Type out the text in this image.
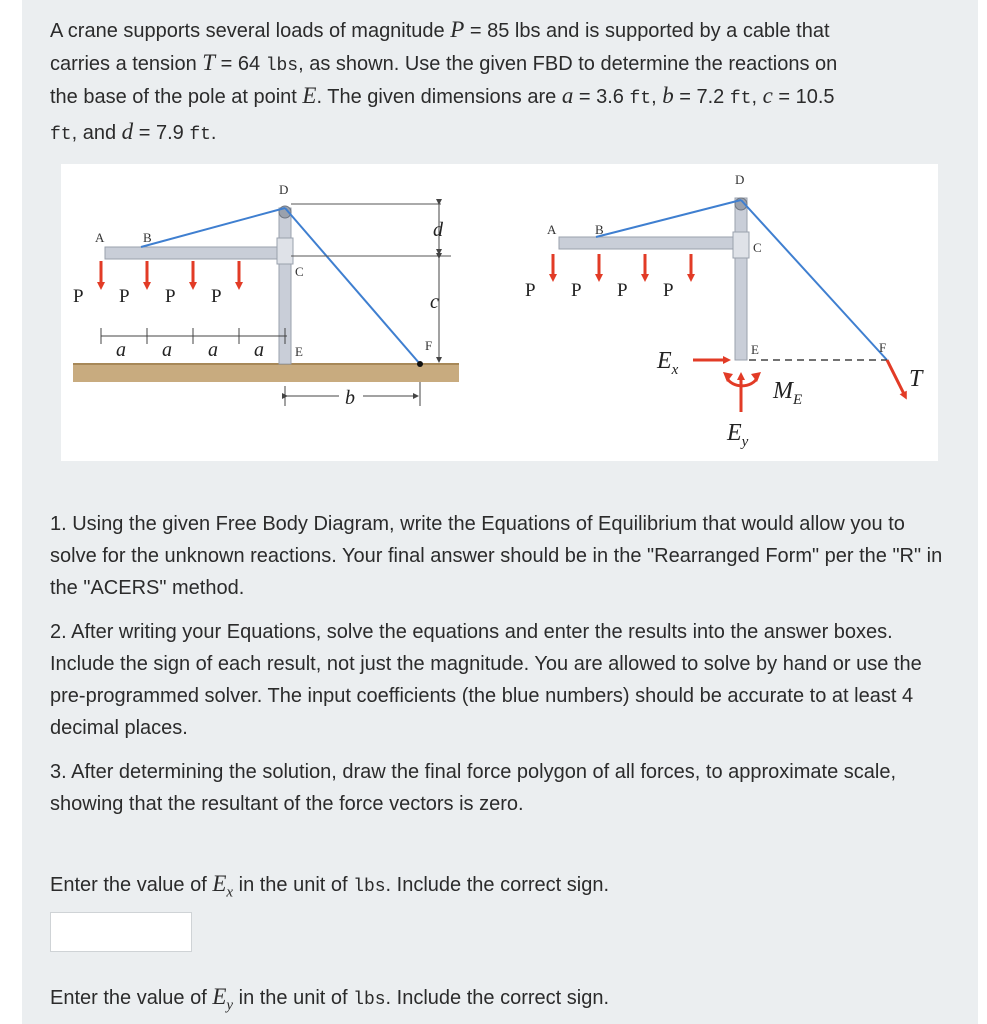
A crane supports several loads of magnitude P = 85 lbs and is supported by a cable that

carries a tension T = 64 lbs, as shown. Use the given FBD to determine the reactions on

the base of the pole at point E. The given dimensions are a = 3.6 ft, b = 7.2 ft, c = 10.5

ft, and d = 7.9 ft.

A	B
D
C
E	F
P P P P
a a a a
b
c
d	A	B
D
C
E	F
P P P P
$E_x$
$E_y$
$M_E$
T

1. Using the given Free Body Diagram, write the Equations of Equilibrium that would allow you to solve for the unknown reactions. Your final answer should be in the "Rearranged Form" per the "R" in the "ACERS" method.

2. After writing your Equations, solve the equations and enter the results into the answer boxes. Include the sign of each result, not just the magnitude. You are allowed to solve by hand or use the pre-programmed solver. The input coefficients (the blue numbers) should be accurate to at least 4 decimal places.

3. After determining the solution, draw the final force polygon of all forces, to approximate scale, showing that the resultant of the force vectors is zero.

Enter the value of $E_x$ in the unit of lbs. Include the correct sign.

Enter the value of $E_y$ in the unit of lbs. Include the correct sign.
